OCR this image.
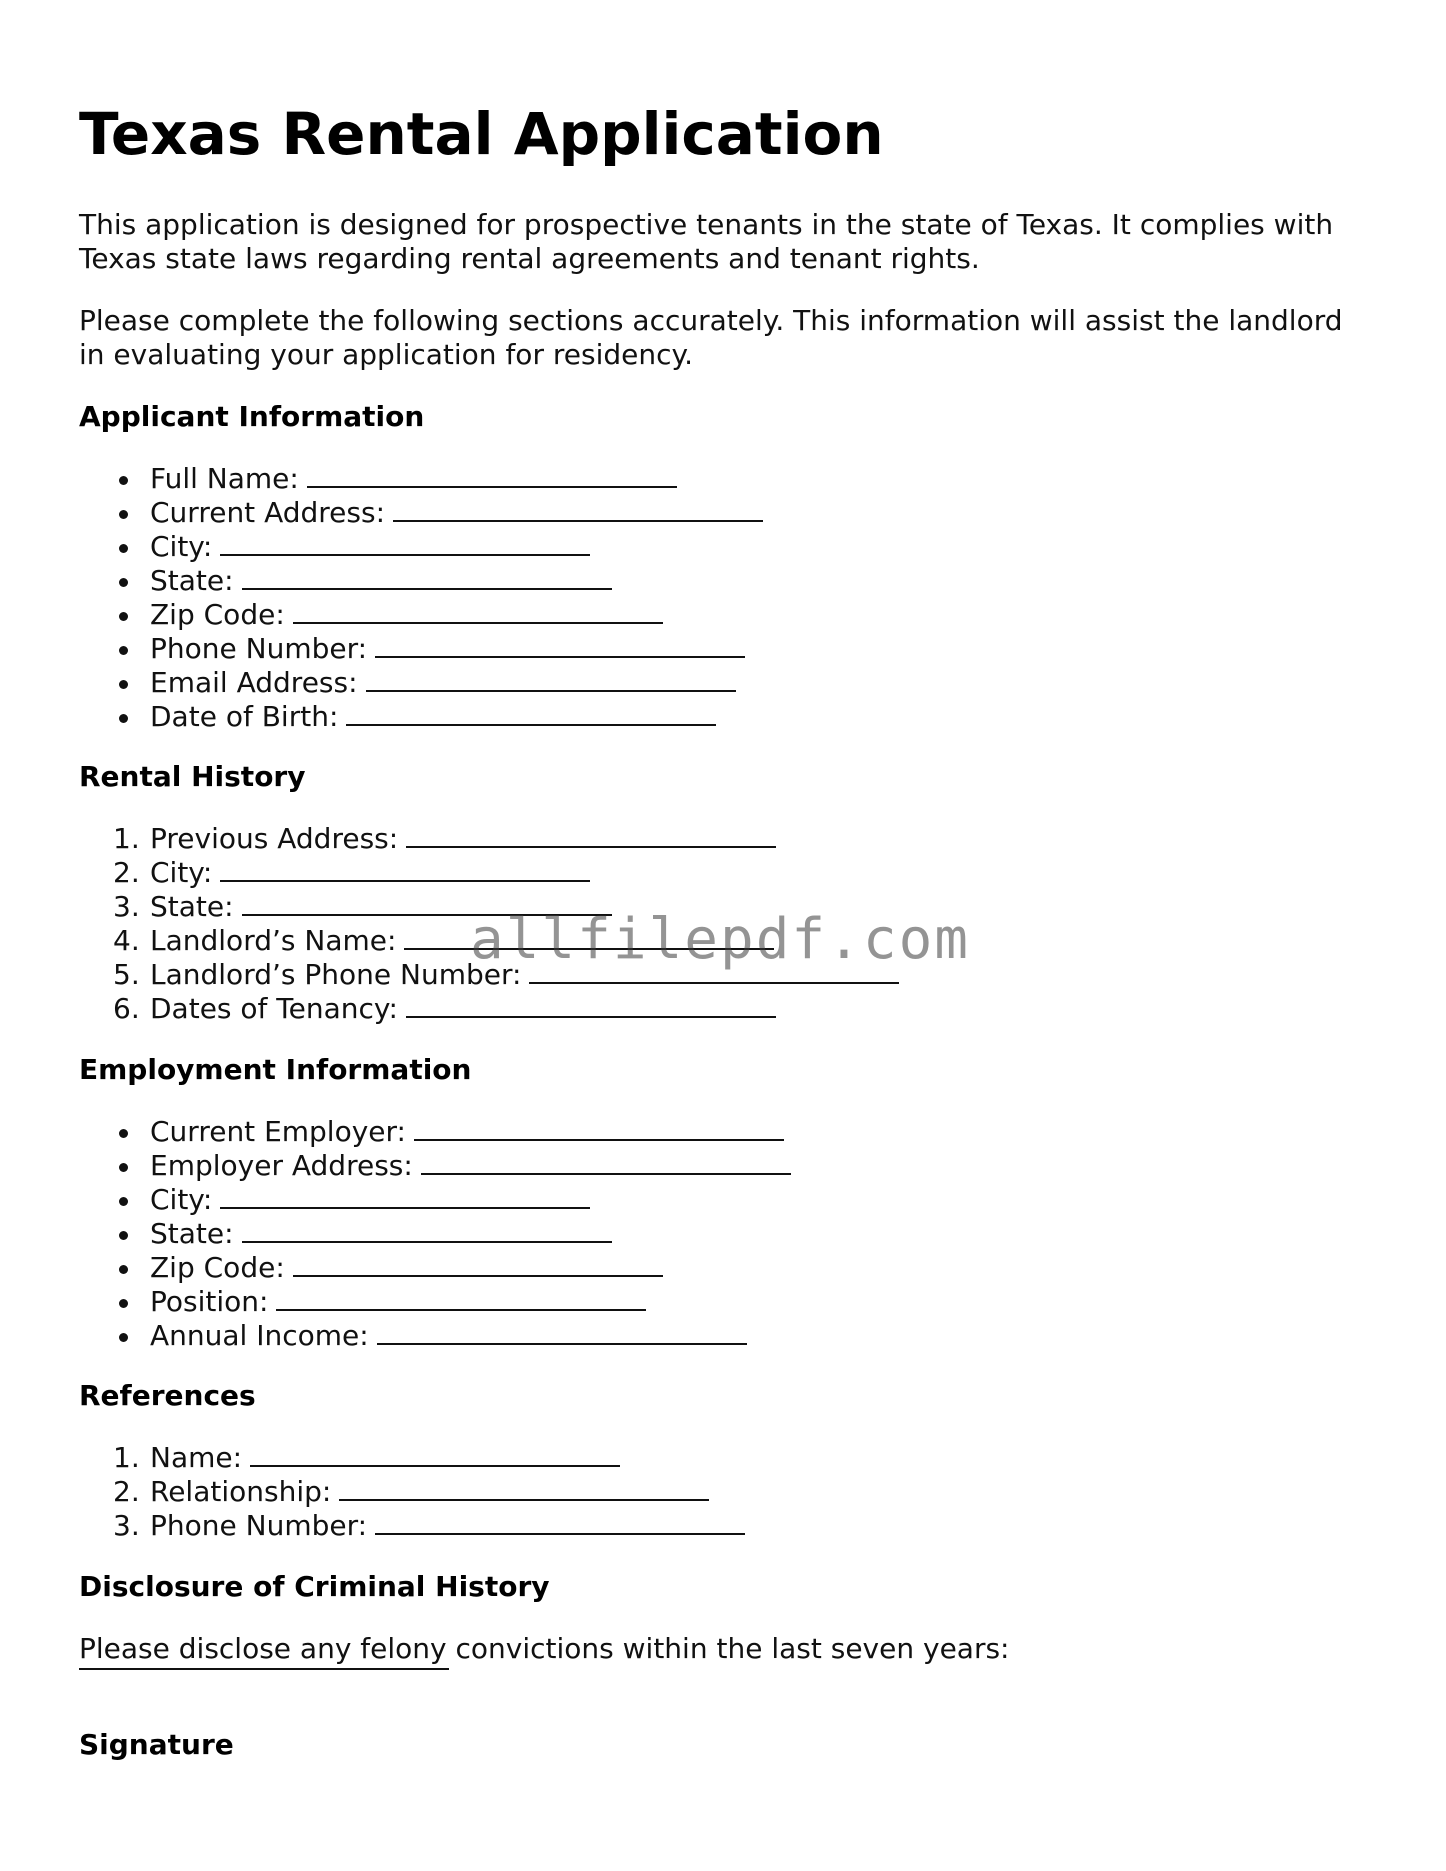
Texas Rental Application

This application is designed for prospective tenants in the state of Texas. It complies with Texas state laws regarding rental agreements and tenant rights.

Please complete the following sections accurately. This information will assist the landlord in evaluating your application for residency.

Applicant Information
Full Name:
Current Address:
City:
State:
Zip Code:
Phone Number:
Email Address:
Date of Birth:
Rental History
1. Previous Address:
2. City:
3. State:
4. Landlord’s Name:
5. Landlord’s Phone Number:
6. Dates of Tenancy:
Employment Information
Current Employer:
Employer Address:
City:
State:
Zip Code:
Position:
Annual Income:
References
1. Name:
2. Relationship:
3. Phone Number:
Disclosure of Criminal History

Please disclose any felony convictions within the last seven years:

Signature
allfilepdf.com
